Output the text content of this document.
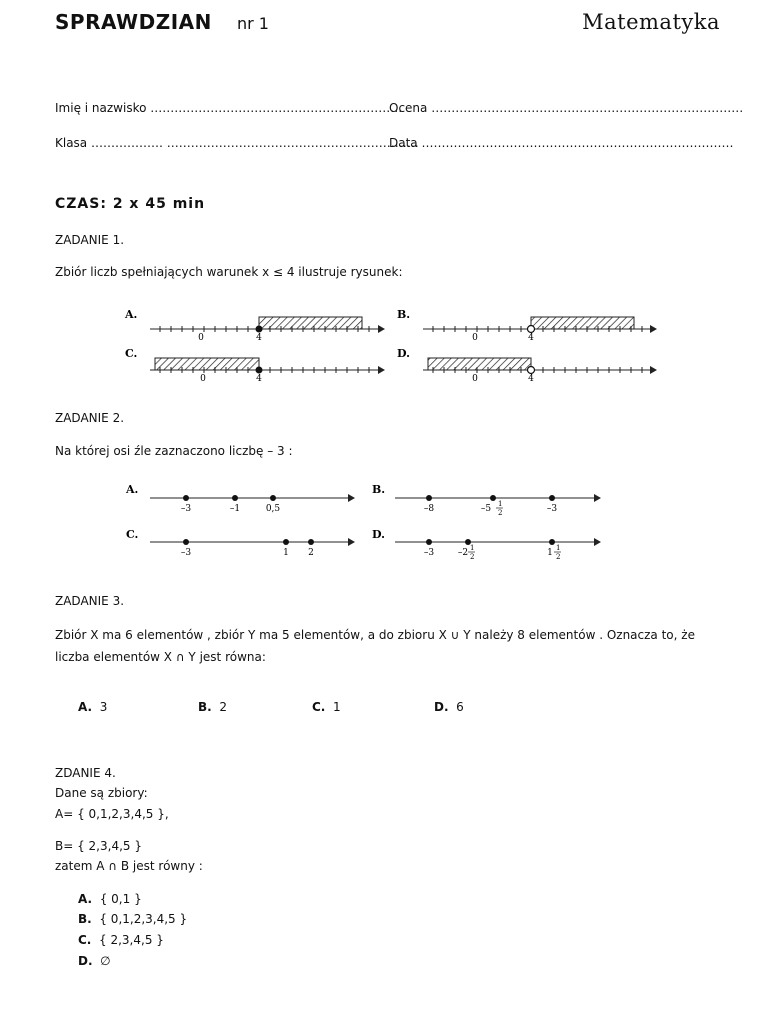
SPRAWDZIAN nr 1	Matematyka
Imię i nazwisko ………………………………………………………
Ocena ……………………………………………………………………
Klasa ……………… ………………………………………………………
Data ……………………………………………………………………
CZAS: 2 x 45 min
ZADANIE 1.
Zbiór liczb spełniających warunek x ≤ 4 ilustruje rysunek:
A.
0	4
B.
0	4
C.
0	4
D.
0	4
ZADANIE 2.
Na której osi źle zaznaczono liczbę – 3 :
A.
–3	–1	0,5
B.
–8	–5 1
2	–3
C.
–3	1 2
D.
–3	–2 1
2	1 1
2
ZADANIE 3.
Zbiór X ma 6 elementów , zbiór Y ma 5 elementów, a do zbioru X ∪ Y należy 8 elementów . Oznacza to, że liczba elementów X ∩ Y jest równa:
A. 3	B. 2	C. 1	D. 6
ZDANIE 4.
Dane są zbiory:
A= { 0,1,2,3,4,5 },
B= { 2,3,4,5 }
zatem A ∩ B jest równy :
A. { 0,1 }
B. { 0,1,2,3,4,5 }
C. { 2,3,4,5 }
D. ∅
